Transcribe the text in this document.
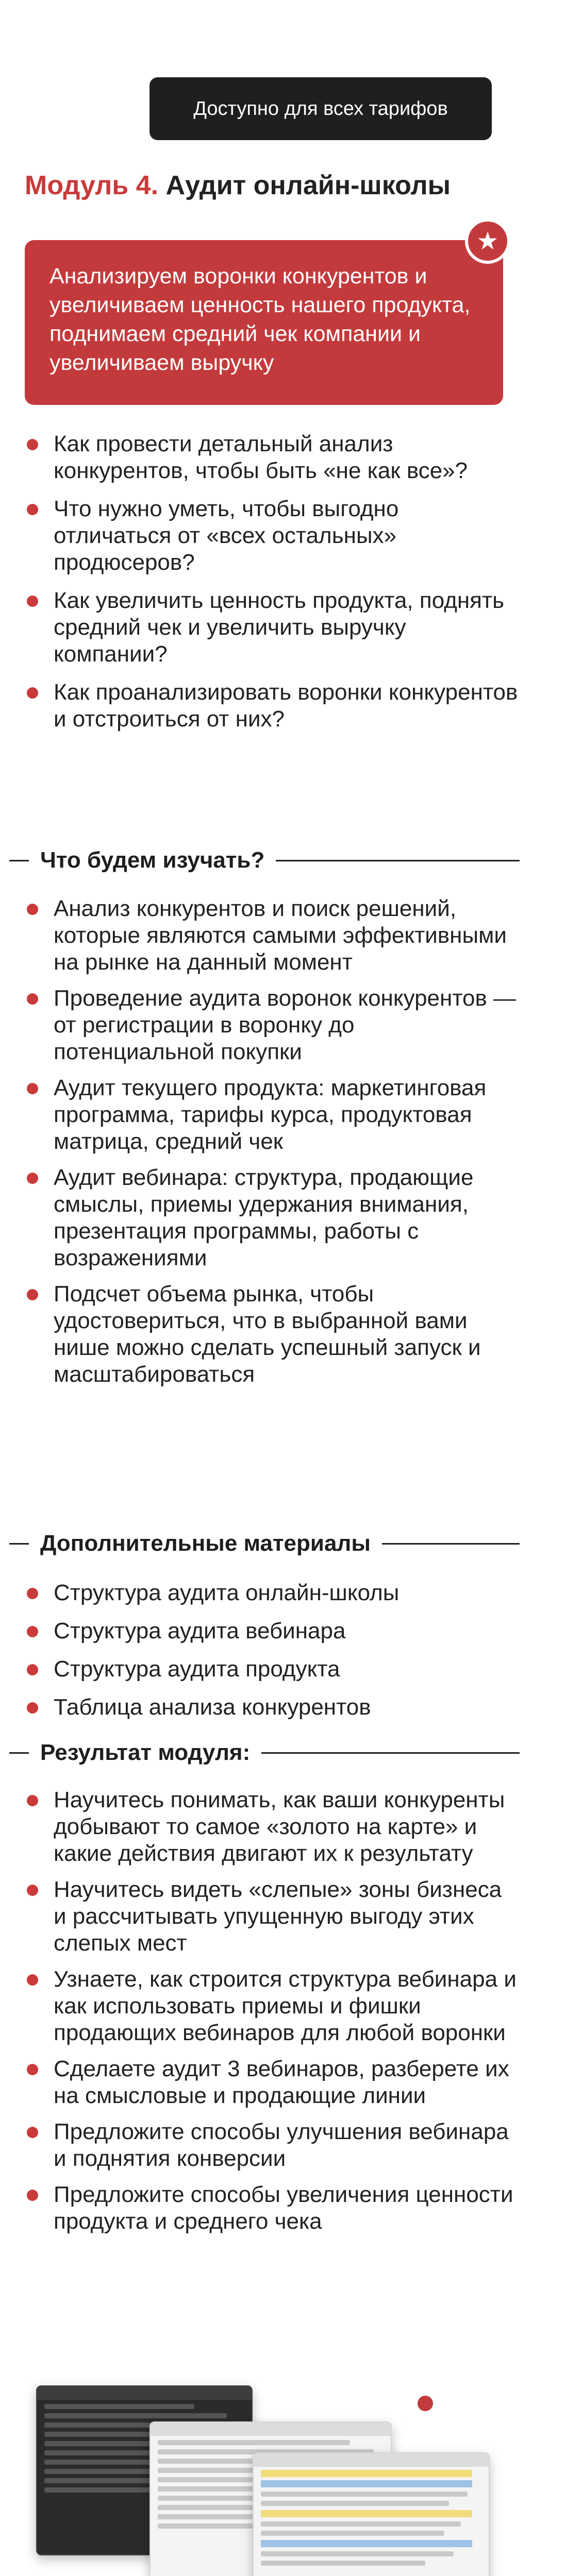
Доступно для всех тарифов
Модуль 4. Аудит онлайн-школы

Анализируем воронки конкурентов и увеличиваем ценность нашего продукта, поднимаем средний чек компании и увеличиваем выручку

★
Как провести детальный анализ конкурентов, чтобы быть «не как все»?
Что нужно уметь, чтобы выгодно отличаться от «всех остальных» продюсеров?
Как увеличить ценность продукта, поднять средний чек и увеличить выручку компании?
Как проанализировать воронки конкурентов и отстроиться от них?
Что будем изучать?
Анализ конкурентов и поиск решений, которые являются самыми эффективными на рынке на данный момент
Проведение аудита воронок конкурентов — от регистрации в воронку до потенциальной покупки
Аудит текущего продукта: маркетинговая программа, тарифы курса, продуктовая матрица, средний чек
Аудит вебинара: структура, продающие смыслы, приемы удержания внимания, презентация программы, работы с возражениями
Подсчет объема рынка, чтобы удостовериться, что в выбранной вами нише можно сделать успешный запуск и масштабироваться
Дополнительные материалы
Структура аудита онлайн-школы
Структура аудита вебинара
Структура аудита продукта
Таблица анализа конкурентов
Результат модуля:
Научитесь понимать, как ваши конкуренты добывают то самое «золото на карте» и какие действия двигают их к результату
Научитесь видеть «слепые» зоны бизнеса и рассчитывать упущенную выгоду этих слепых мест
Узнаете, как строится структура вебинара и как использовать приемы и фишки продающих вебинаров для любой воронки
Сделаете аудит 3 вебинаров, разберете их на смысловые и продающие линии
Предложите способы улучшения вебинара и поднятия конверсии
Предложите способы увеличения ценности продукта и среднего чека
